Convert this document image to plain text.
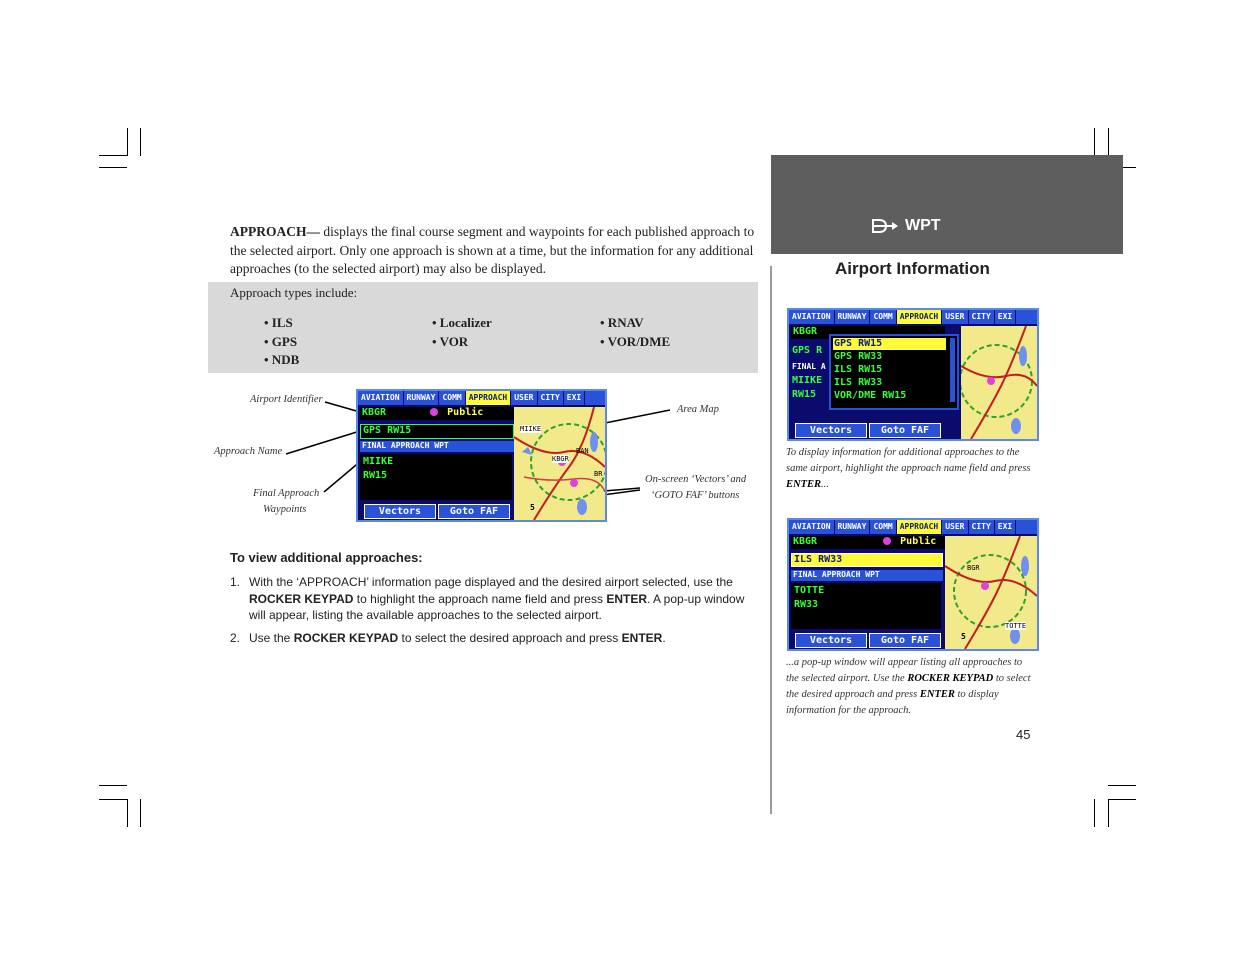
WPT
Airport Information
APPROACH— displays the final course segment and waypoints for each published approach to the selected airport. Only one approach is shown at a time, but the information for any additional approaches (to the selected airport) may also be displayed.
Approach types include:
• ILS	• Localizer	• RNAV
• GPS	• VOR	• VOR/DME
• NDB
Airport Identifier
Approach Name
Final Approach
Waypoints
Area Map
On-screen ‘Vectors’ and
‘GOTO FAF’ buttons
AVIATION RUNWAY COMM APPROACH USER CITY EXI
KBGR	Public
GPS RW15
FINAL APPROACH WPT
MIIKE
RW15
MIIKE
KBGR
BAN
BR
5
Vectors	Goto FAF
To view additional approaches:
1. With the ‘APPROACH’ information page displayed and the desired airport selected, use the ROCKER KEYPAD to highlight the approach name field and press ENTER. A pop-up window will appear, listing the available approaches to the selected airport.
2. Use the ROCKER KEYPAD to select the desired approach and press ENTER.
AVIATION RUNWAY COMM APPROACH USER CITY EXI
KBGR
GPS R
FINAL A
MIIKE
RW15
GPS RW15
GPS RW33
ILS RW15
ILS RW33
VOR/DME RW15
Vectors	Goto FAF
To display information for additional approaches to the same airport, highlight the approach name field and press ENTER...
AVIATION RUNWAY COMM APPROACH USER CITY EXI
KBGR	Public
ILS RW33
FINAL APPROACH WPT
TOTTE
RW33
BGR
TOTTE
5
Vectors	Goto FAF
...a pop-up window will appear listing all approaches to the selected airport. Use the ROCKER KEYPAD to select the desired approach and press ENTER to display information for the approach.
45
